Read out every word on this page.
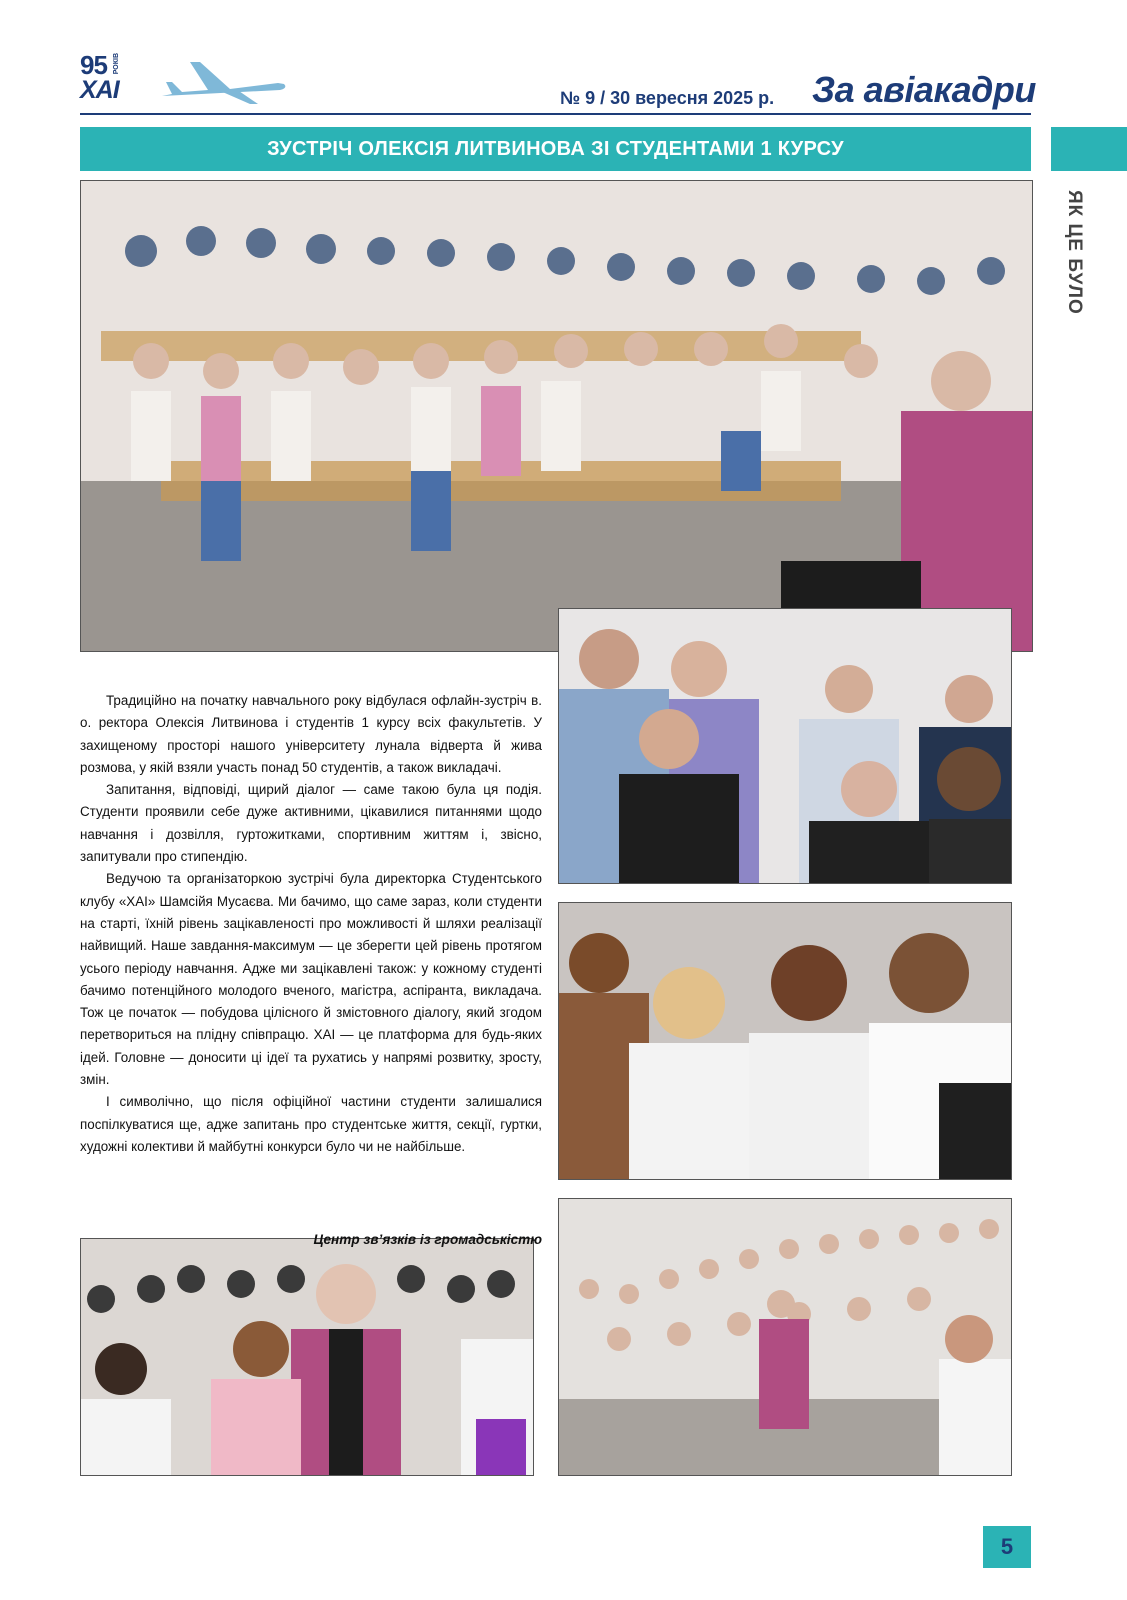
95 РОКІВ
ХАІ	№ 9 / 30 вересня 2025 р. За авіакадри
ЗУСТРІЧ ОЛЕКСІЯ ЛИТВИНОВА ЗІ СТУДЕНТАМИ 1 КУРСУ
ЯК ЦЕ БУЛО

Традиційно на початку навчального року відбулася офлайн-зустріч в. о. ректора Олексія Литвинова і студентів 1 курсу всіх факультетів. У захищеному просторі нашого університету лунала відверта й жива розмова, у якій взяли участь понад 50 студентів, а також викладачі.

Запитання, відповіді, щирий діалог — саме такою була ця подія. Студенти проявили себе дуже активними, цікавилися питаннями щодо навчання і дозвілля, гуртожитками, спортивним життям і, звісно, запитували про стипендію.

Ведучою та організаторкою зустрічі була директорка Студентського клубу «ХАІ» Шамсійя Мусаєва. Ми бачимо, що саме зараз, коли студенти на старті, їхній рівень зацікавленості про можливості й шляхи реалізації найвищий. Наше завдання-максимум — це зберегти цей рівень протягом усього періоду навчання. Адже ми зацікавлені також: у кожному студенті бачимо потенційного молодого вченого, магістра, аспіранта, викладача. Тож це початок — побудова цілісного й змістовного діалогу, який згодом перетвориться на плідну співпрацю. ХАІ — це платформа для будь-яких ідей. Головне — доносити ці ідеї та рухатись у напрямі розвитку, зросту, змін.

І символічно, що після офіційної частини студенти залишалися поспілкуватися ще, адже запитань про студентське життя, секції, гуртки, художні колективи й майбутні конкурси було чи не найбільше.

Центр зв’язків із громадськістю
5
